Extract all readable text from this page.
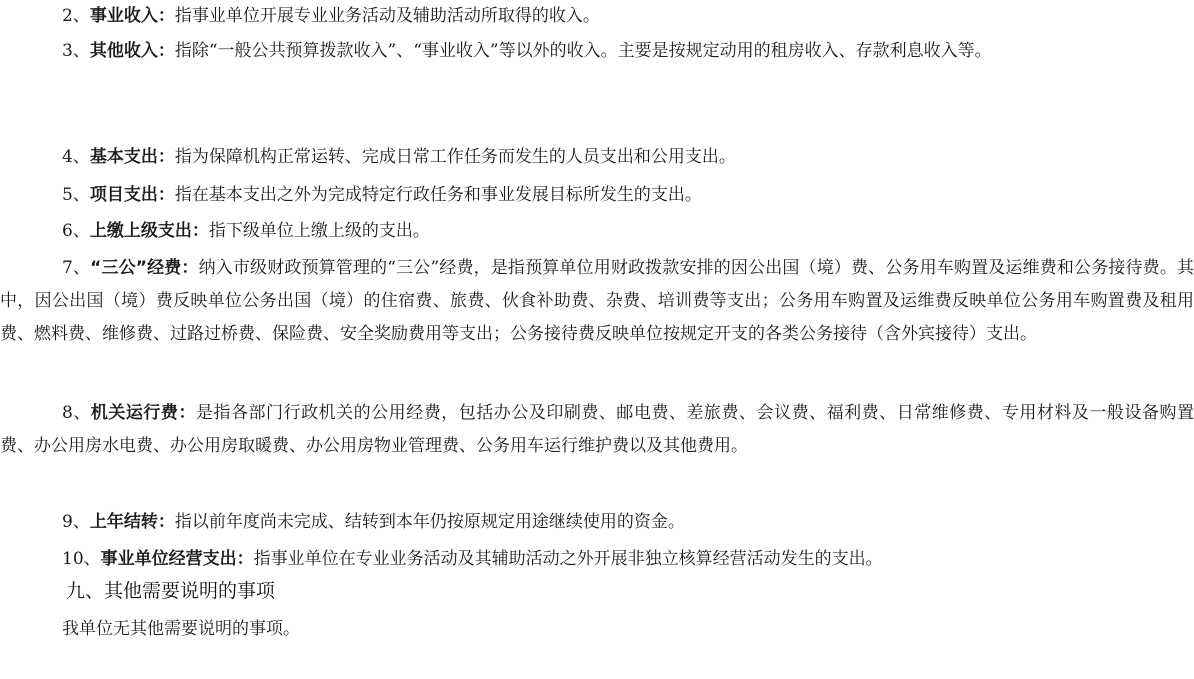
2、事业收入：指事业单位开展专业业务活动及辅助活动所取得的收入。

3、其他收入：指除“一般公共预算拨款收入”、“事业收入”等以外的收入。主要是按规定动用的租房收入、存款利息收入等。

4、基本支出：指为保障机构正常运转、完成日常工作任务而发生的人员支出和公用支出。

5、项目支出：指在基本支出之外为完成特定行政任务和事业发展目标所发生的支出。

6、上缴上级支出：指下级单位上缴上级的支出。

7、“三公”经费：纳入市级财政预算管理的“三公”经费，是指预算单位用财政拨款安排的因公出国（境）费、公务用车购置及运维费和公务接待费。其中，因公出国（境）费反映单位公务出国（境）的住宿费、旅费、伙食补助费、杂费、培训费等支出；公务用车购置及运维费反映单位公务用车购置费及租用费、燃料费、维修费、过路过桥费、保险费、安全奖励费用等支出；公务接待费反映单位按规定开支的各类公务接待（含外宾接待）支出。

8、机关运行费：是指各部门行政机关的公用经费，包括办公及印刷费、邮电费、差旅费、会议费、福利费、日常维修费、专用材料及一般设备购置费、办公用房水电费、办公用房取暖费、办公用房物业管理费、公务用车运行维护费以及其他费用。

9、上年结转：指以前年度尚未完成、结转到本年仍按原规定用途继续使用的资金。

10、事业单位经营支出：指事业单位在专业业务活动及其辅助活动之外开展非独立核算经营活动发生的支出。

九、其他需要说明的事项

我单位无其他需要说明的事项。
